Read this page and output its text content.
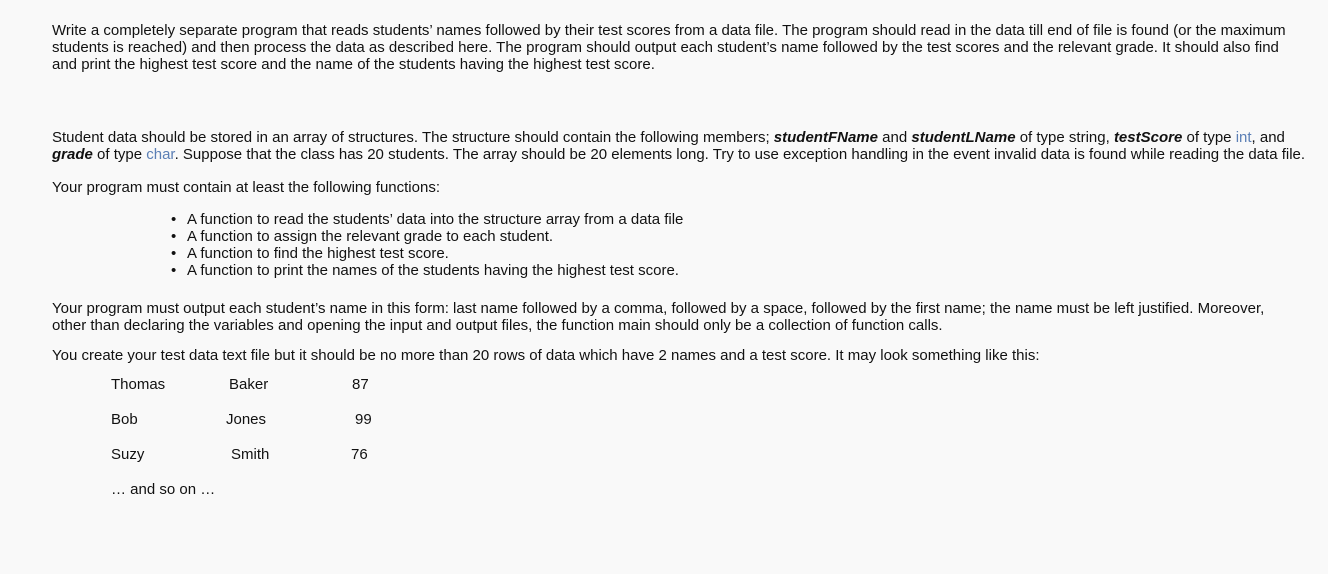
Write a completely separate program that reads students’ names followed by their test scores from a data file. The program should read in the data till end of file is found (or the maximum students is reached) and then process the data as described here. The program should output each student’s name followed by the test scores and the relevant grade. It should also find and print the highest test score and the name of the students having the highest test score.

Student data should be stored in an array of structures. The structure should contain the following members; studentFName and studentLName of type string, testScore of type int, and grade of type char. Suppose that the class has 20 students. The array should be 20 elements long. Try to use exception handling in the event invalid data is found while reading the data file.

Your program must contain at least the following functions:

• A function to read the students’ data into the structure array from a data file
• A function to assign the relevant grade to each student.
• A function to find the highest test score.
• A function to print the names of the students having the highest test score.

Your program must output each student’s name in this form: last name followed by a comma, followed by a space, followed by the first name; the name must be left justified. Moreover, other than declaring the variables and opening the input and output files, the function main should only be a collection of function calls.

You create your test data text file but it should be no more than 20 rows of data which have 2 names and a test score. It may look something like this:

Thomas	Baker	87
Bob	Jones	99
Suzy	Smith	76
… and so on …
